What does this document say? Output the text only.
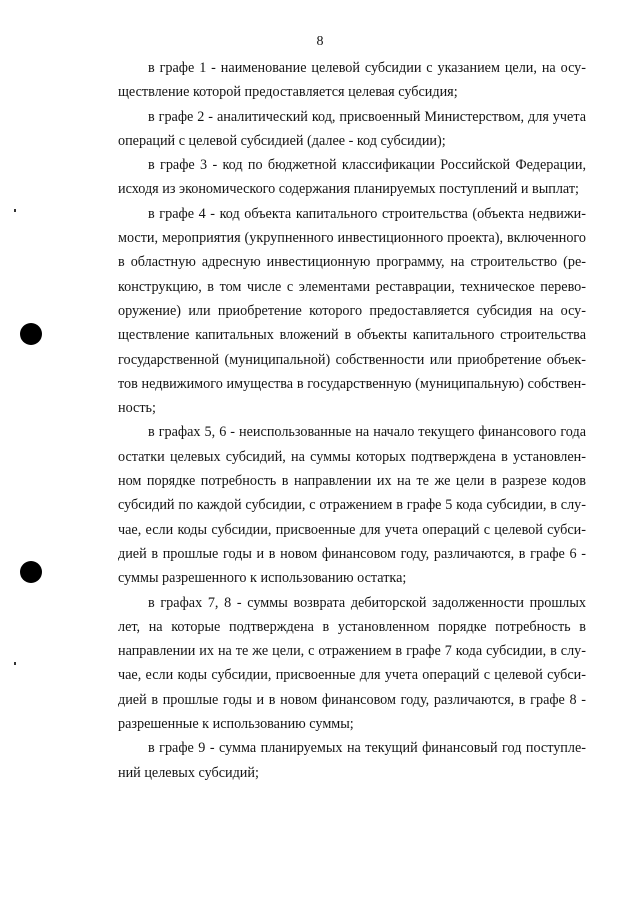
8
в графе 1 - наименование целевой субсидии с указанием цели, на осу-
ществление которой предоставляется целевая субсидия;
в графе 2 - аналитический код, присвоенный Министерством, для учета
операций с целевой субсидией (далее - код субсидии);
в графе 3 - код по бюджетной классификации Российской Федерации,
исходя из экономического содержания планируемых поступлений и выплат;
в графе 4 - код объекта капитального строительства (объекта недвижи-
мости, мероприятия (укрупненного инвестиционного проекта), включенного
в областную адресную инвестиционную программу, на строительство (ре-
конструкцию, в том числе с элементами реставрации, техническое перево-
оружение) или приобретение которого предоставляется субсидия на осу-
ществление капитальных вложений в объекты капитального строительства
государственной (муниципальной) собственности или приобретение объек-
тов недвижимого имущества в государственную (муниципальную) собствен-
ность;
в графах 5, 6 - неиспользованные на начало текущего финансового года
остатки целевых субсидий, на суммы которых подтверждена в установлен-
ном порядке потребность в направлении их на те же цели в разрезе кодов
субсидий по каждой субсидии, с отражением в графе 5 кода субсидии, в слу-
чае, если коды субсидии, присвоенные для учета операций с целевой субси-
дией в прошлые годы и в новом финансовом году, различаются, в графе 6 -
суммы разрешенного к использованию остатка;
в графах 7, 8 - суммы возврата дебиторской задолженности прошлых
лет, на которые подтверждена в установленном порядке потребность в
направлении их на те же цели, с отражением в графе 7 кода субсидии, в слу-
чае, если коды субсидии, присвоенные для учета операций с целевой субси-
дией в прошлые годы и в новом финансовом году, различаются, в графе 8 -
разрешенные к использованию суммы;
в графе 9 - сумма планируемых на текущий финансовый год поступле-
ний целевых субсидий;
